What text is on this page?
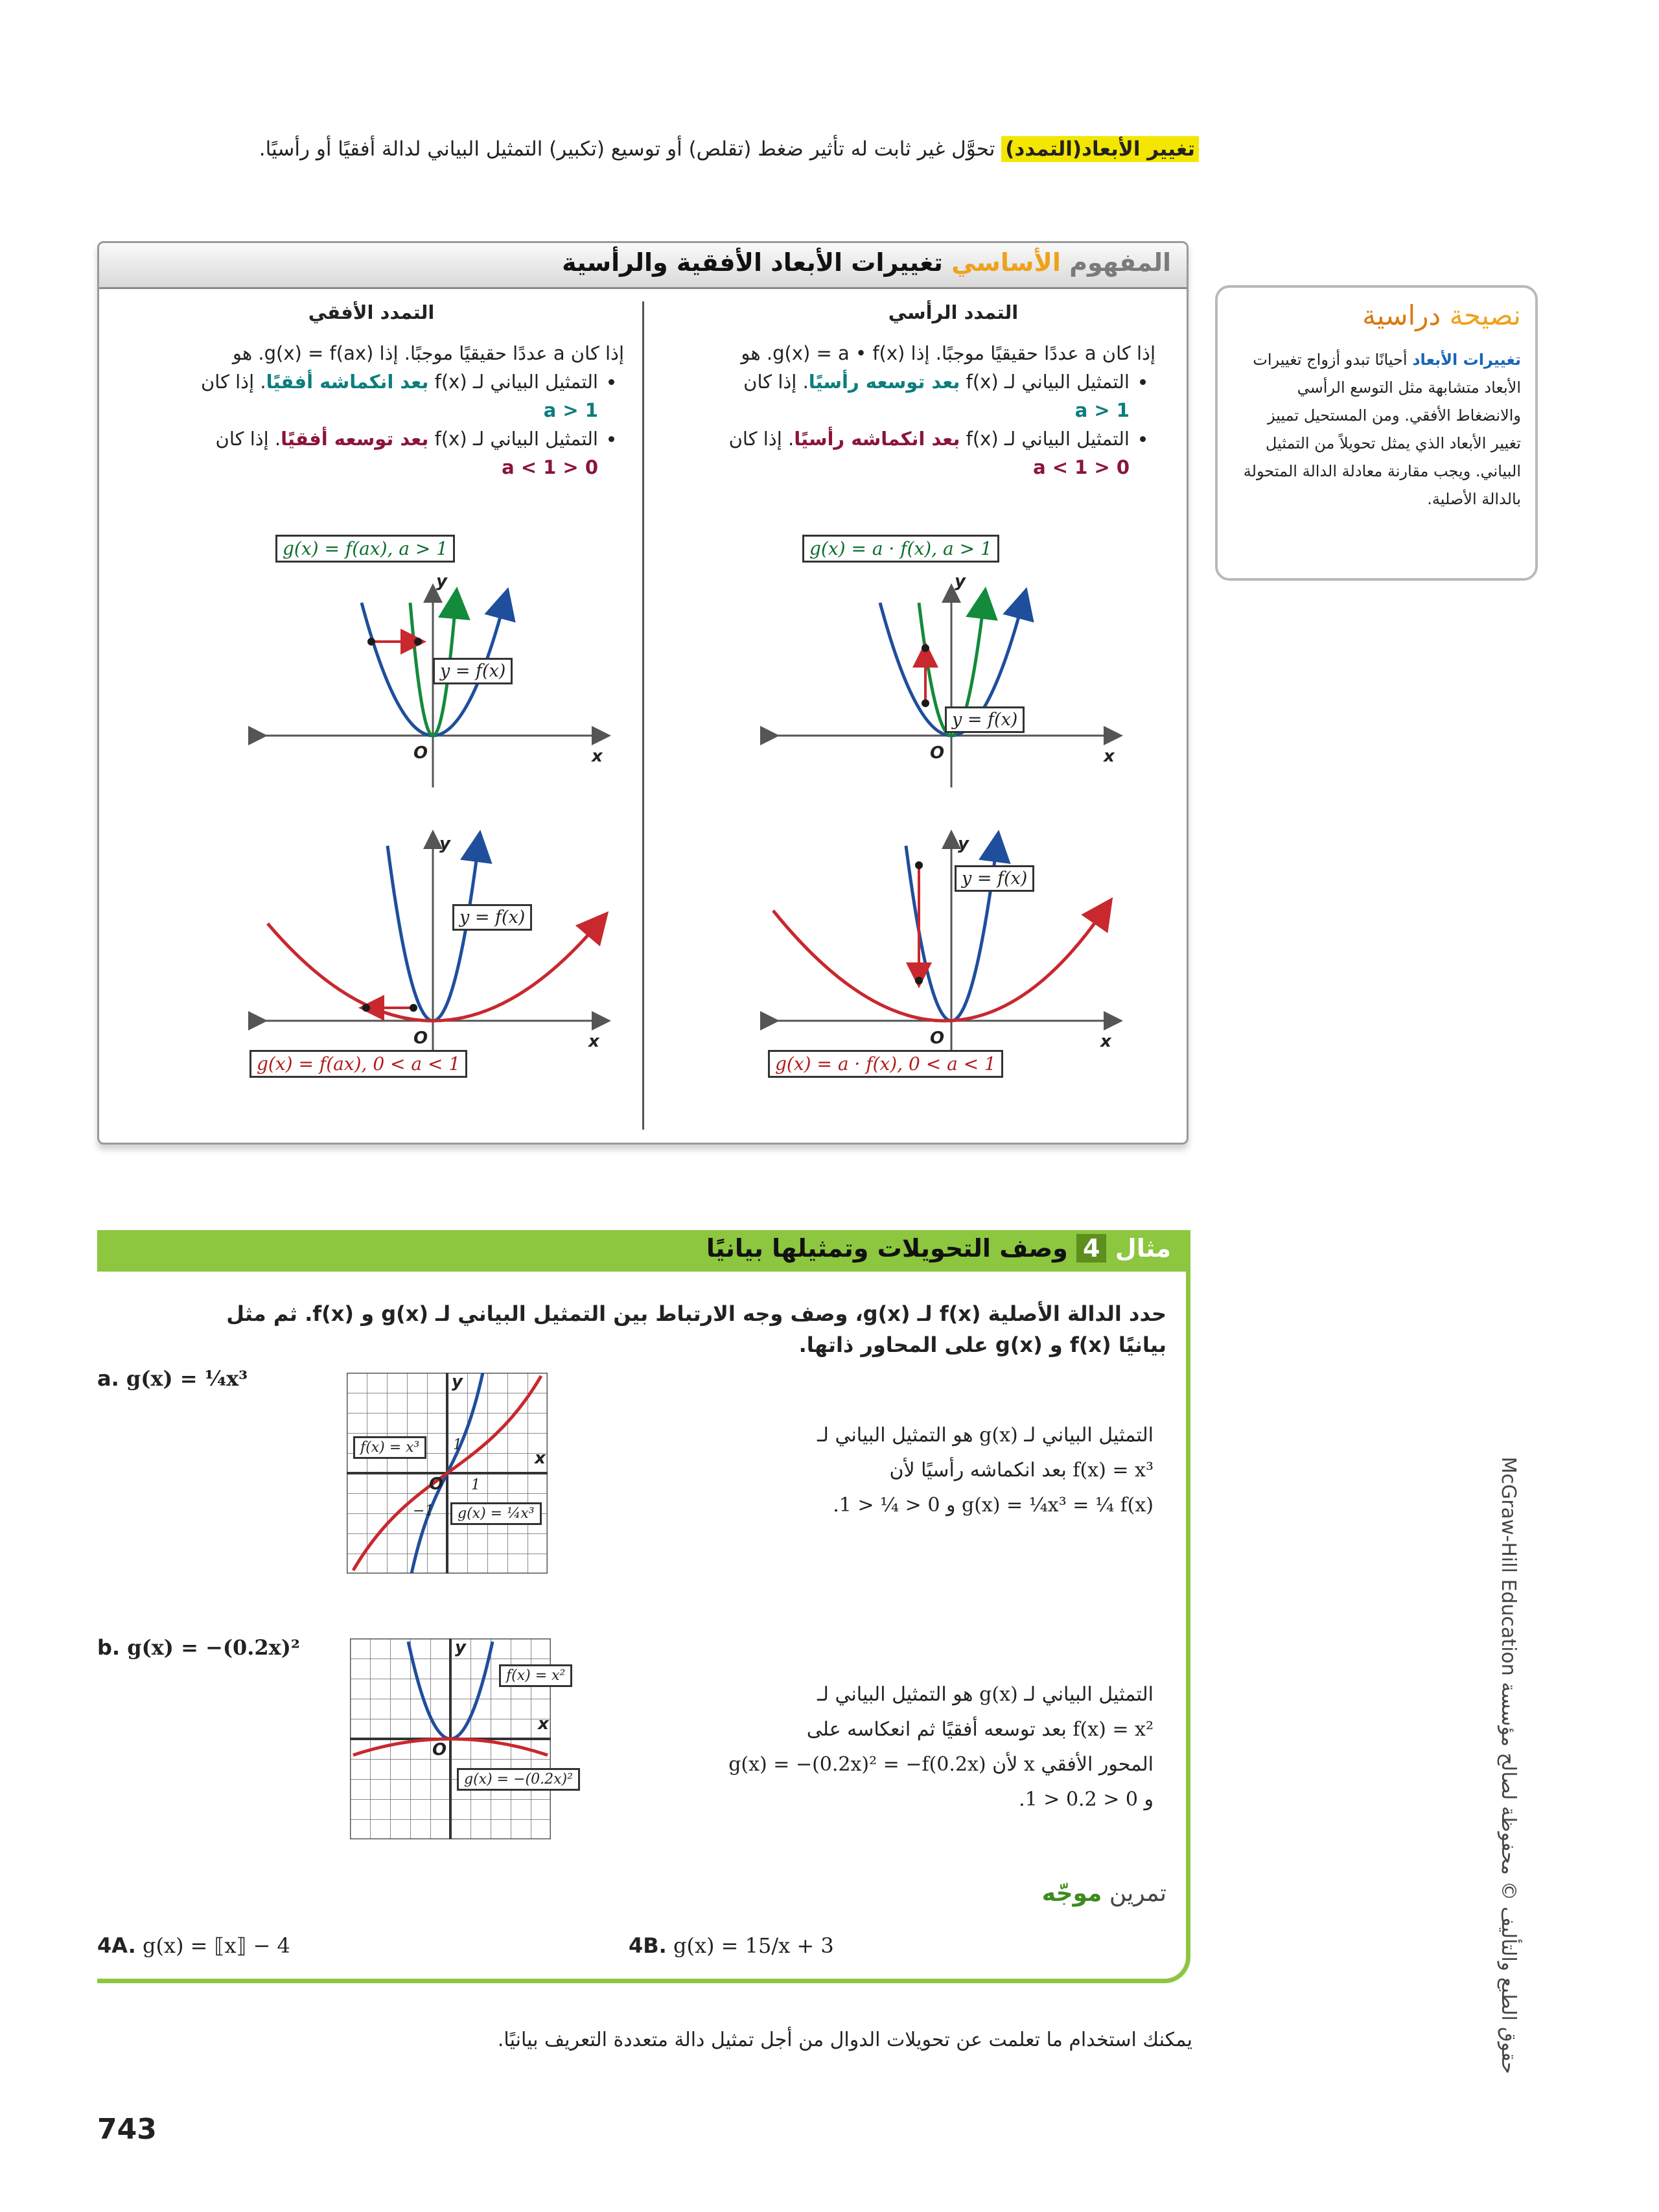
تغيير الأبعاد(التمدد) تحوَّل غير ثابت له تأثير ضغط (تقلص) أو توسيع (تكبير) التمثيل البياني لدالة أفقيًا أو رأسيًا.
المفهوم الأساسي تغييرات الأبعاد الأفقية والرأسية
التمدد الرأسي
إذا كان a عددًا حقيقيًا موجبًا. إذا g(x) = a • f(x). هو
• التمثيل البياني لـ f(x) بعد توسعه رأسيًا. إذا كان
a > 1
• التمثيل البياني لـ f(x) بعد انكماشه رأسيًا. إذا كان
0 < a < 1
التمدد الأفقي
إذا كان a عددًا حقيقيًا موجبًا. إذا g(x) = f(ax). هو
• التمثيل البياني لـ f(x) بعد انكماشه أفقيًا. إذا كان
a > 1
• التمثيل البياني لـ f(x) بعد توسعه أفقيًا. إذا كان
0 < a < 1
y
x
O
g(x) = f(ax), a > 1
y = f(x)
y
x
O
y = f(x)
g(x) = f(ax), 0 < a < 1
y
x
O
g(x) = a · f(x), a > 1
y = f(x)
y
x
O
y = f(x)
g(x) = a · f(x), 0 < a < 1
نصيحة دراسية
تغييرات الأبعاد أحيانًا تبدو أزواج تغييرات الأبعاد متشابهة مثل التوسع الرأسي والانضغاط الأفقي. ومن المستحيل تمييز تغيير الأبعاد الذي يمثل تحويلاً من التمثيل البياني. ويجب مقارنة معادلة الدالة المتحولة بالدالة الأصلية.
مثال 4 وصف التحويلات وتمثيلها بيانيًا
حدد الدالة الأصلية f(x) لـ g(x)، وصف وجه الارتباط بين التمثيل البياني لـ g(x) و f(x). ثم مثل بيانيًا f(x) و g(x) على المحاور ذاتها.
a. g(x) = ¼x³
1
1
−1
y
x
O
f(x) = x³
g(x) = ¼x³
التمثيل البياني لـ g(x) هو التمثيل البياني لـ
f(x) = x³ بعد انكماشه رأسيًا لأن
g(x) = ¼x³ = ¼ f(x) و 0 < ¼ < 1.
b. g(x) = −(0.2x)²	y
x
O
f(x) = x²
g(x) = −(0.2x)²
التمثيل البياني لـ g(x) هو التمثيل البياني لـ
f(x) = x² بعد توسعه أفقيًا ثم انعكاسه على
المحور الأفقي x لأن g(x) = −(0.2x)² = −f(0.2x)
و 0 < 0.2 < 1.
تمرين موجّه
4A. g(x) = ⟦x⟧ − 4	4B. g(x) = 15/x + 3
يمكنك استخدام ما تعلمت عن تحويلات الدوال من أجل تمثيل دالة متعددة التعريف بيانيًا.
743
حقوق الطبع والتأليف © محفوظة لصالح مؤسسة McGraw-Hill Education
